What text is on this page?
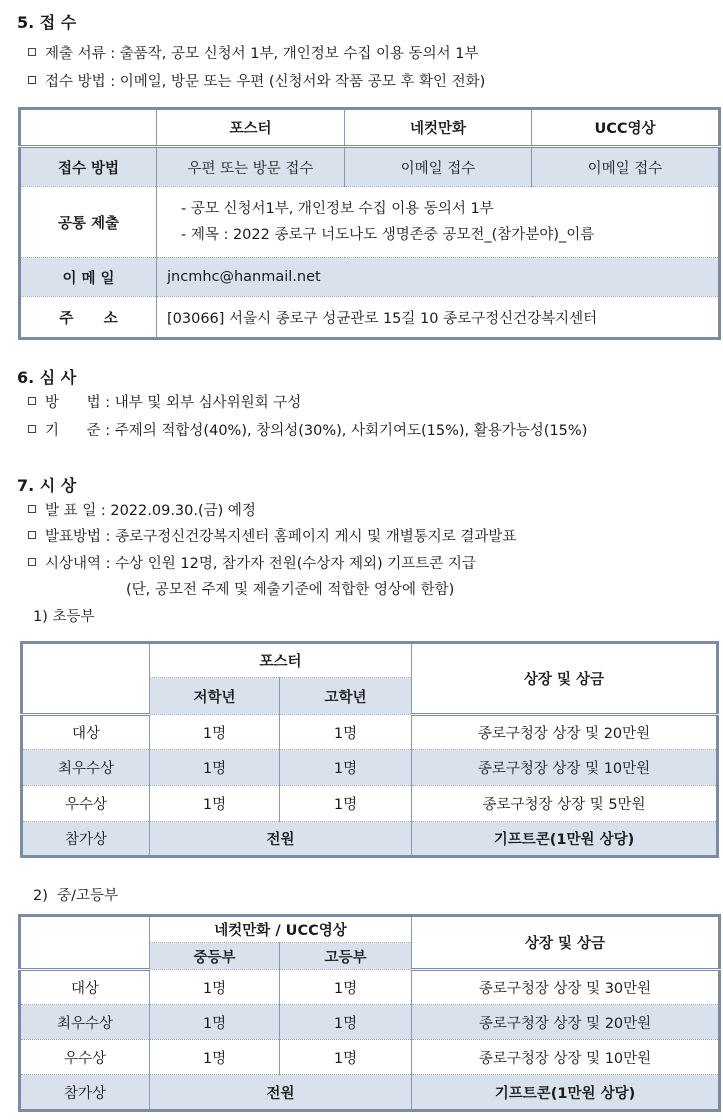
5. 접 수
제출 서류 : 출품작, 공모 신청서 1부, 개인정보 수집 이용 동의서 1부
접수 방법 : 이메일, 방문 또는 우편 (신청서와 작품 공모 후 확인 전화)
	포스터	네컷만화	UCC영상
접수 방법	우편 또는 방문 접수	이메일 접수	이메일 접수
공통 제출	- 공모 신청서1부, 개인정보 수집 이용 동의서 1부
- 제목 : 2022 종로구 너도나도 생명존중 공모전_(참가분야)_이름		

이 메 일	jncmhc@hanmail.net		
주      소	[03066] 서울시 종로구 성균관로 15길 10 종로구정신건강복지센터		
6. 심 사
방      법 : 내부 및 외부 심사위원회 구성
기      준 : 주제의 적합성(40%), 창의성(30%), 사회기여도(15%), 활용가능성(15%)
7. 시 상
발 표 일 : 2022.09.30.(금) 예정
발표방법 : 종로구정신건강복지센터 홈페이지 게시 및 개별통지로 결과발표
시상내역 : 수상 인원 12명, 참가자 전원(수상자 제외) 기프트콘 지급
(단, 공모전 주제 및 제출기준에 적합한 영상에 한함)
1) 초등부
	포스터		상장 및 상금
	저학년	고학년	
대상	1명	1명	종로구청장 상장 및 20만원
최우수상	1명	1명	종로구청장 상장 및 10만원
우수상	1명	1명	종로구청장 상장 및 5만원
참가상	전원		기프트콘(1만원 상당)
2)  중/고등부
	네컷만화 / UCC영상		상장 및 상금
	중등부	고등부	
대상	1명	1명	종로구청장 상장 및 30만원
최우수상	1명	1명	종로구청장 상장 및 20만원
우수상	1명	1명	종로구청장 상장 및 10만원
참가상	전원		기프트콘(1만원 상당)
